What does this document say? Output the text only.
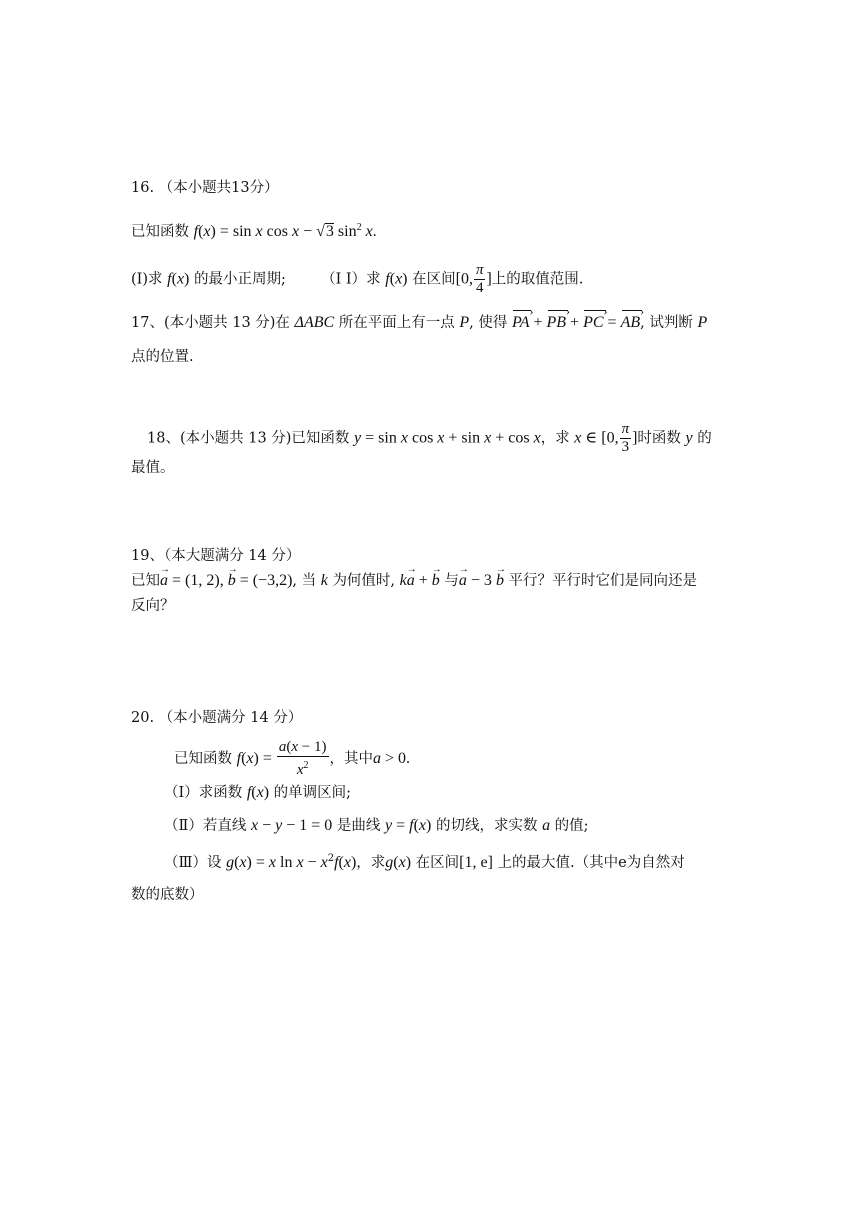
16. （本小题共13分）
已知函数 f(x) = sin x cos x − √3 $\sin^2 x$.
(I)求 f(x) 的最小正周期; （I I）求 f(x) 在区间[0, $\frac{\pi}{4}$ ]上的取值范围.
17、(本小题共 13 分)在 ΔABC 所在平面上有一点 P, 使得 PA › + PB › + PC › = AB ›, 试判断 P
点的位置.
18、(本小题共 13 分)已知函数 y = sin x cos x + sin x + cos x，求 x ∈ [0, $\frac{\pi}{3}$ ]时函数 y 的
最值。
19、（本大题满分 14 分）
已知→ a = (1, 2), → b = (−3,2), 当 k 为何值时, k→ a + → b 与→ a − 3 → b 平行？平行时它们是同向还是
反向？
20. （本小题满分 14 分）
已知函数 $f(x) = \frac{a(x - 1)}{x^2}$ ，其中a > 0.
（Ⅰ）求函数 f(x) 的单调区间;
（Ⅱ）若直线 x − y − 1 = 0 是曲线 y = f(x) 的切线，求实数 a 的值;
（Ⅲ）设 g(x) = x $\ln x - x^2f(x)$，求g(x) 在区间[1, e] 上的最大值.（其中e为自然对
数的底数）
